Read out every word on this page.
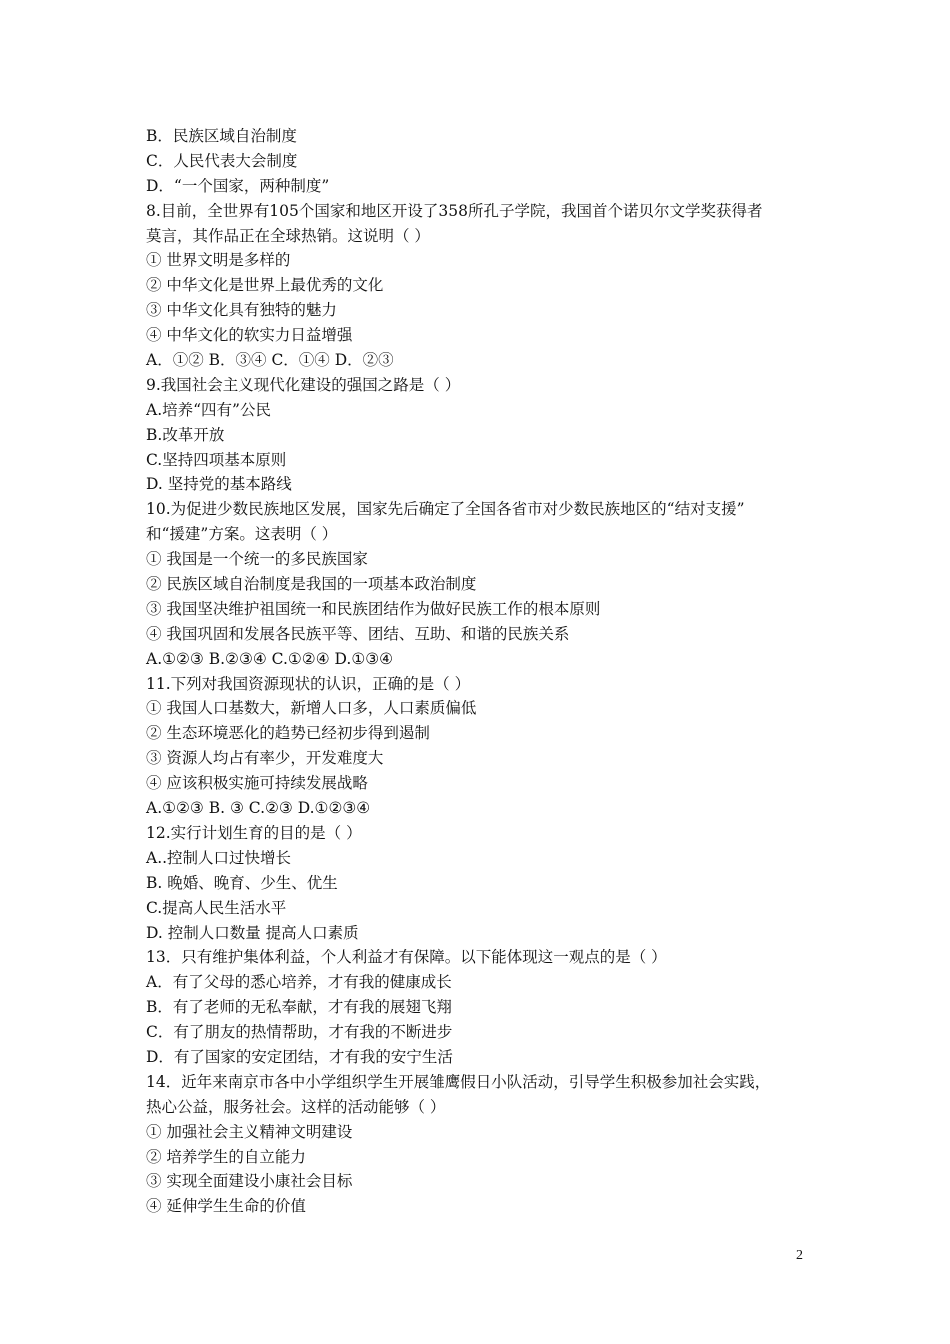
B．民族区域自治制度
C．人民代表大会制度
D．“一个国家，两种制度”
8.目前，全世界有105个国家和地区开设了358所孔子学院，我国首个诺贝尔文学奖获得者
莫言，其作品正在全球热销。这说明（ ）
① 世界文明是多样的
② 中华文化是世界上最优秀的文化
③ 中华文化具有独特的魅力
④ 中华文化的软实力日益增强
A．①② B．③④ C．①④ D．②③
9.我国社会主义现代化建设的强国之路是（ ）
A.培养“四有”公民
B.改革开放
C.坚持四项基本原则
D. 坚持党的基本路线
10.为促进少数民族地区发展，国家先后确定了全国各省市对少数民族地区的“结对支援”
和“援建”方案。这表明（ ）
① 我国是一个统一的多民族国家
② 民族区域自治制度是我国的一项基本政治制度
③ 我国坚决维护祖国统一和民族团结作为做好民族工作的根本原则
④ 我国巩固和发展各民族平等、团结、互助、和谐的民族关系
A.①②③ B.②③④ C.①②④ D.①③④
11.下列对我国资源现状的认识，正确的是（ ）
① 我国人口基数大，新增人口多，人口素质偏低
② 生态环境恶化的趋势已经初步得到遏制
③ 资源人均占有率少，开发难度大
④ 应该积极实施可持续发展战略
A.①②③ B. ③ C.②③ D.①②③④
12.实行计划生育的目的是（ ）
A..控制人口过快增长
B. 晚婚、晚育、少生、优生
C.提高人民生活水平
D. 控制人口数量 提高人口素质
13．只有维护集体利益，个人利益才有保障。以下能体现这一观点的是（ ）
A．有了父母的悉心培养，才有我的健康成长
B．有了老师的无私奉献，才有我的展翅飞翔
C．有了朋友的热情帮助，才有我的不断进步
D．有了国家的安定团结，才有我的安宁生活
14．近年来南京市各中小学组织学生开展雏鹰假日小队活动，引导学生积极参加社会实践，
热心公益，服务社会。这样的活动能够（ ）
① 加强社会主义精神文明建设
② 培养学生的自立能力
③ 实现全面建设小康社会目标
④ 延伸学生生命的价值
2
